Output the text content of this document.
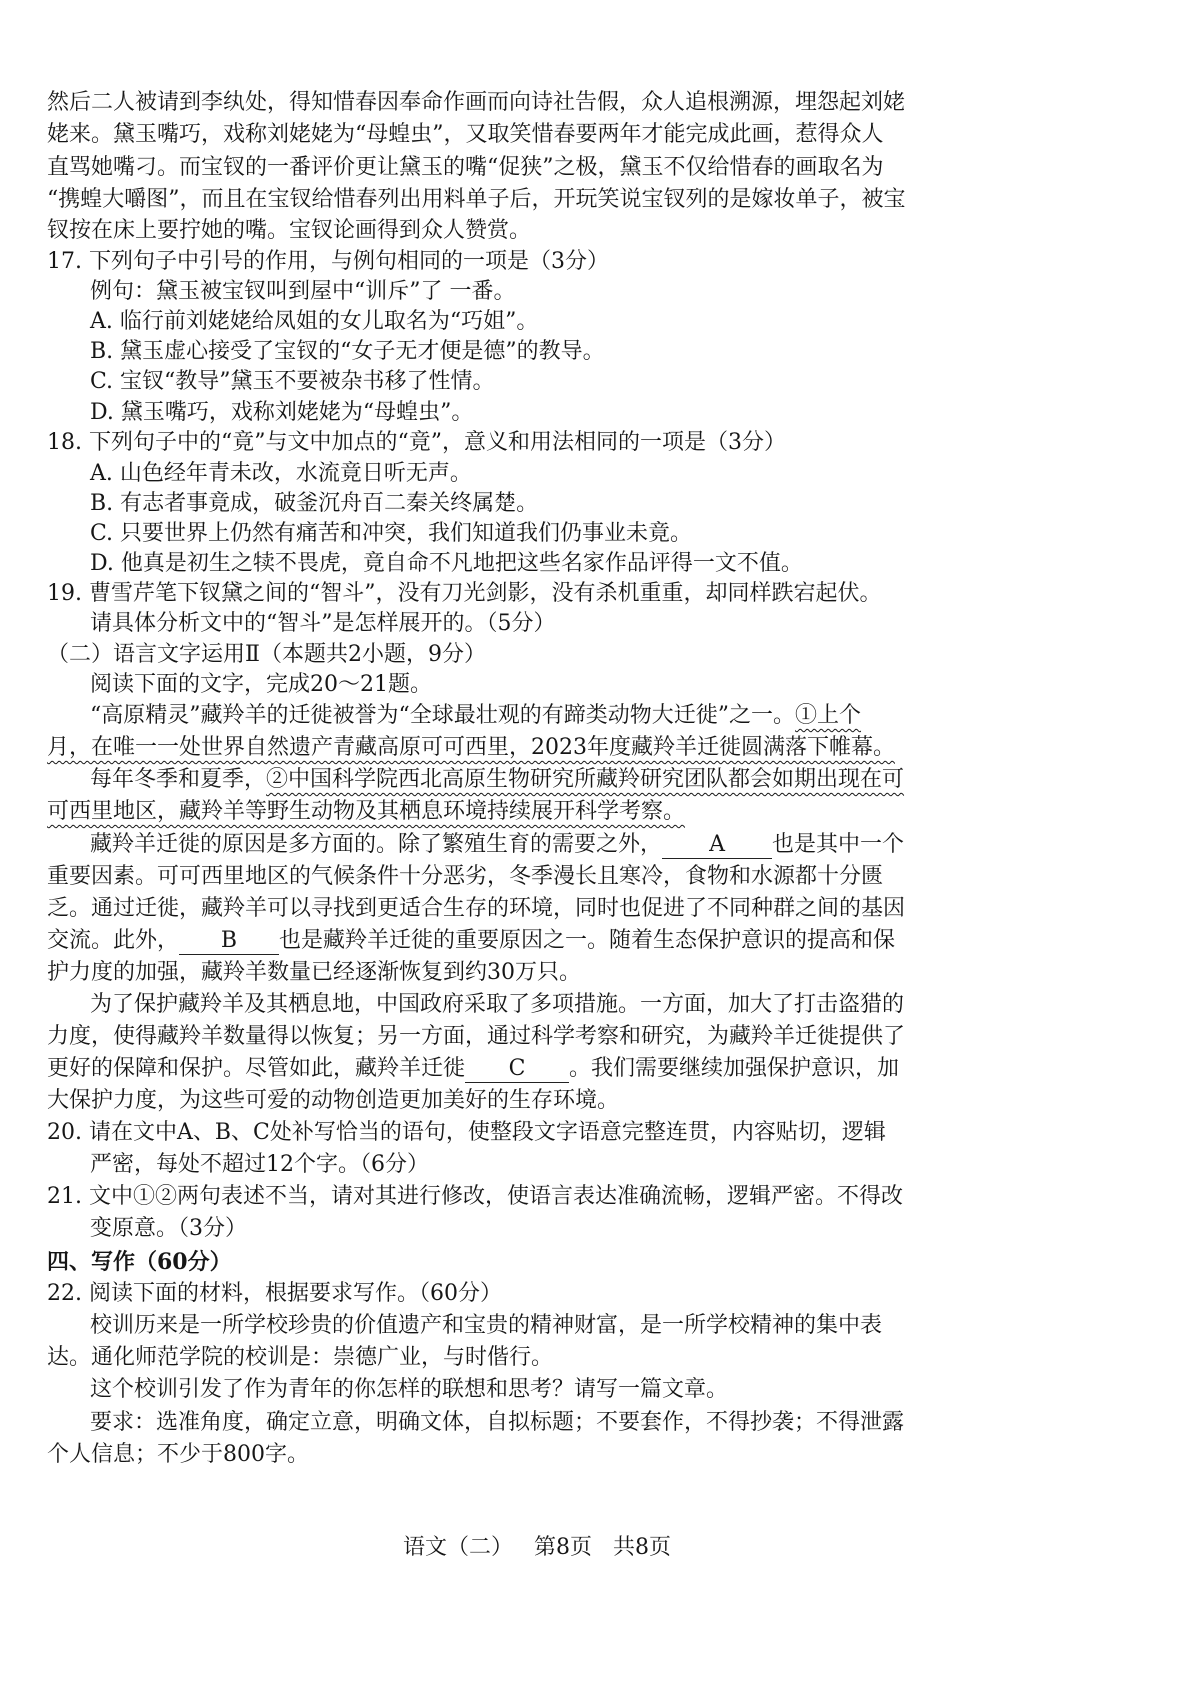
然后二人被请到李纨处，得知惜春因奉命作画而向诗社告假，众人追根溯源，埋怨起刘姥
姥来。黛玉嘴巧，戏称刘姥姥为“母蝗虫”，又取笑惜春要两年才能完成此画，惹得众人
直骂她嘴刁。而宝钗的一番评价更让黛玉的嘴“促狭”之极，黛玉不仅给惜春的画取名为
“携蝗大嚼图”，而且在宝钗给惜春列出用料单子后，开玩笑说宝钗列的是嫁妆单子，被宝
钗按在床上要拧她的嘴。宝钗论画得到众人赞赏。
17. 下列句子中引号的作用，与例句相同的一项是（3分）
例句：黛玉被宝钗叫到屋中“训斥”了 一番。
A. 临行前刘姥姥给凤姐的女儿取名为“巧姐”。
B. 黛玉虚心接受了宝钗的“女子无才便是德”的教导。
C. 宝钗“教导”黛玉不要被杂书移了性情。
D. 黛玉嘴巧，戏称刘姥姥为“母蝗虫”。
18. 下列句子中的“竟”与文中加点的“竟”，意义和用法相同的一项是（3分）
A. 山色经年青未改，水流竟日听无声。
B. 有志者事竟成，破釜沉舟百二秦关终属楚。
C. 只要世界上仍然有痛苦和冲突，我们知道我们仍事业未竟。
D. 他真是初生之犊不畏虎，竟自命不凡地把这些名家作品评得一文不值。
19. 曹雪芹笔下钗黛之间的“智斗”，没有刀光剑影，没有杀机重重，却同样跌宕起伏。
请具体分析文中的“智斗”是怎样展开的。（5分）
（二）语言文字运用Ⅱ（本题共2小题，9分）
阅读下面的文字，完成20～21题。
“高原精灵”藏羚羊的迁徙被誉为“全球最壮观的有蹄类动物大迁徙”之一。①上个
月，在唯一一处世界自然遗产青藏高原可可西里，2023年度藏羚羊迁徙圆满落下帷幕。
每年冬季和夏季，②中国科学院西北高原生物研究所藏羚研究团队都会如期出现在可
可西里地区，藏羚羊等野生动物及其栖息环境持续展开科学考察。
藏羚羊迁徙的原因是多方面的。除了繁殖生育的需要之外， A 也是其中一个
重要因素。可可西里地区的气候条件十分恶劣，冬季漫长且寒冷，食物和水源都十分匮
乏。通过迁徙，藏羚羊可以寻找到更适合生存的环境，同时也促进了不同种群之间的基因
交流。此外， B 也是藏羚羊迁徙的重要原因之一。随着生态保护意识的提高和保
护力度的加强，藏羚羊数量已经逐渐恢复到约30万只。
为了保护藏羚羊及其栖息地，中国政府采取了多项措施。一方面，加大了打击盗猎的
力度，使得藏羚羊数量得以恢复；另一方面，通过科学考察和研究，为藏羚羊迁徙提供了
更好的保障和保护。尽管如此，藏羚羊迁徙 C 。我们需要继续加强保护意识，加
大保护力度，为这些可爱的动物创造更加美好的生存环境。
20. 请在文中A、B、C处补写恰当的语句，使整段文字语意完整连贯，内容贴切，逻辑
严密，每处不超过12个字。（6分）
21. 文中①②两句表述不当，请对其进行修改，使语言表达准确流畅，逻辑严密。不得改
变原意。（3分）
四、写作（60分）
22. 阅读下面的材料，根据要求写作。（60分）
校训历来是一所学校珍贵的价值遗产和宝贵的精神财富，是一所学校精神的集中表
达。通化师范学院的校训是：崇德广业，与时偕行。
这个校训引发了作为青年的你怎样的联想和思考？请写一篇文章。
要求：选准角度，确定立意，明确文体，自拟标题；不要套作，不得抄袭；不得泄露
个人信息；不少于800字。
语文（二）   第8页   共8页
